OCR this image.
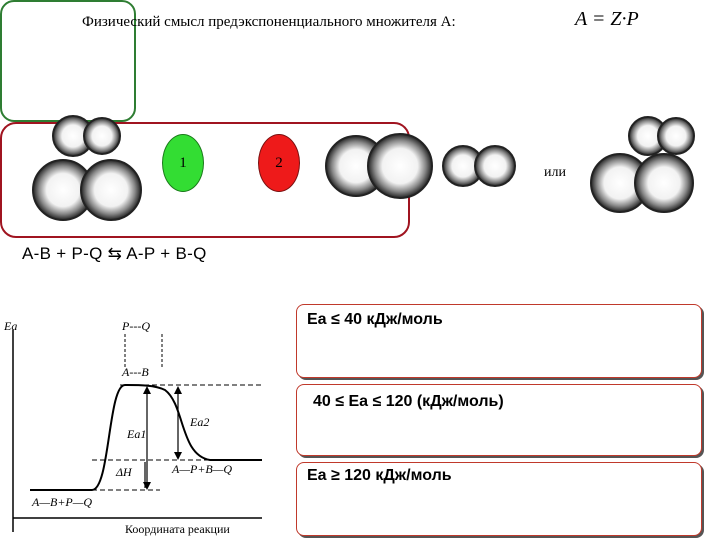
Физический смысл предэкспоненциального множителя A:	A = Z·P
1	2
или
Ea	P---Q
A---B
Ea1
Ea2
ΔH	A—P+B—Q
A—B+P—Q
Координата реакции
A-B + P-Q ⇆ A-P + B-Q
Ea ≤ 40 кДж/моль
40 ≤ Ea ≤ 120 (кДж/моль)
Ea ≥ 120 кДж/моль
